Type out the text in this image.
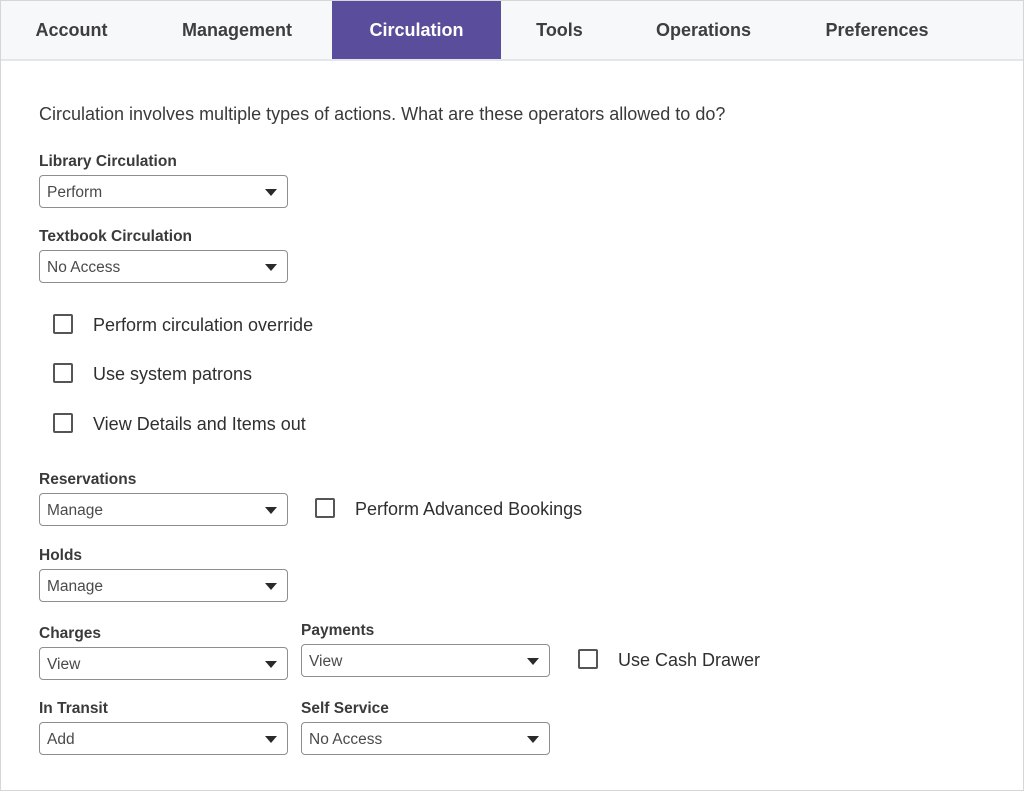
Account	Management	Circulation	Tools	Operations	Preferences
Circulation involves multiple types of actions. What are these operators allowed to do?
Library Circulation
Perform
Textbook Circulation
No Access
Perform circulation override
Use system patrons
View Details and Items out
Reservations
Manage	Perform Advanced Bookings
Holds
Manage
Charges
View
Payments
View	Use Cash Drawer
In Transit
Add
Self Service
No Access
